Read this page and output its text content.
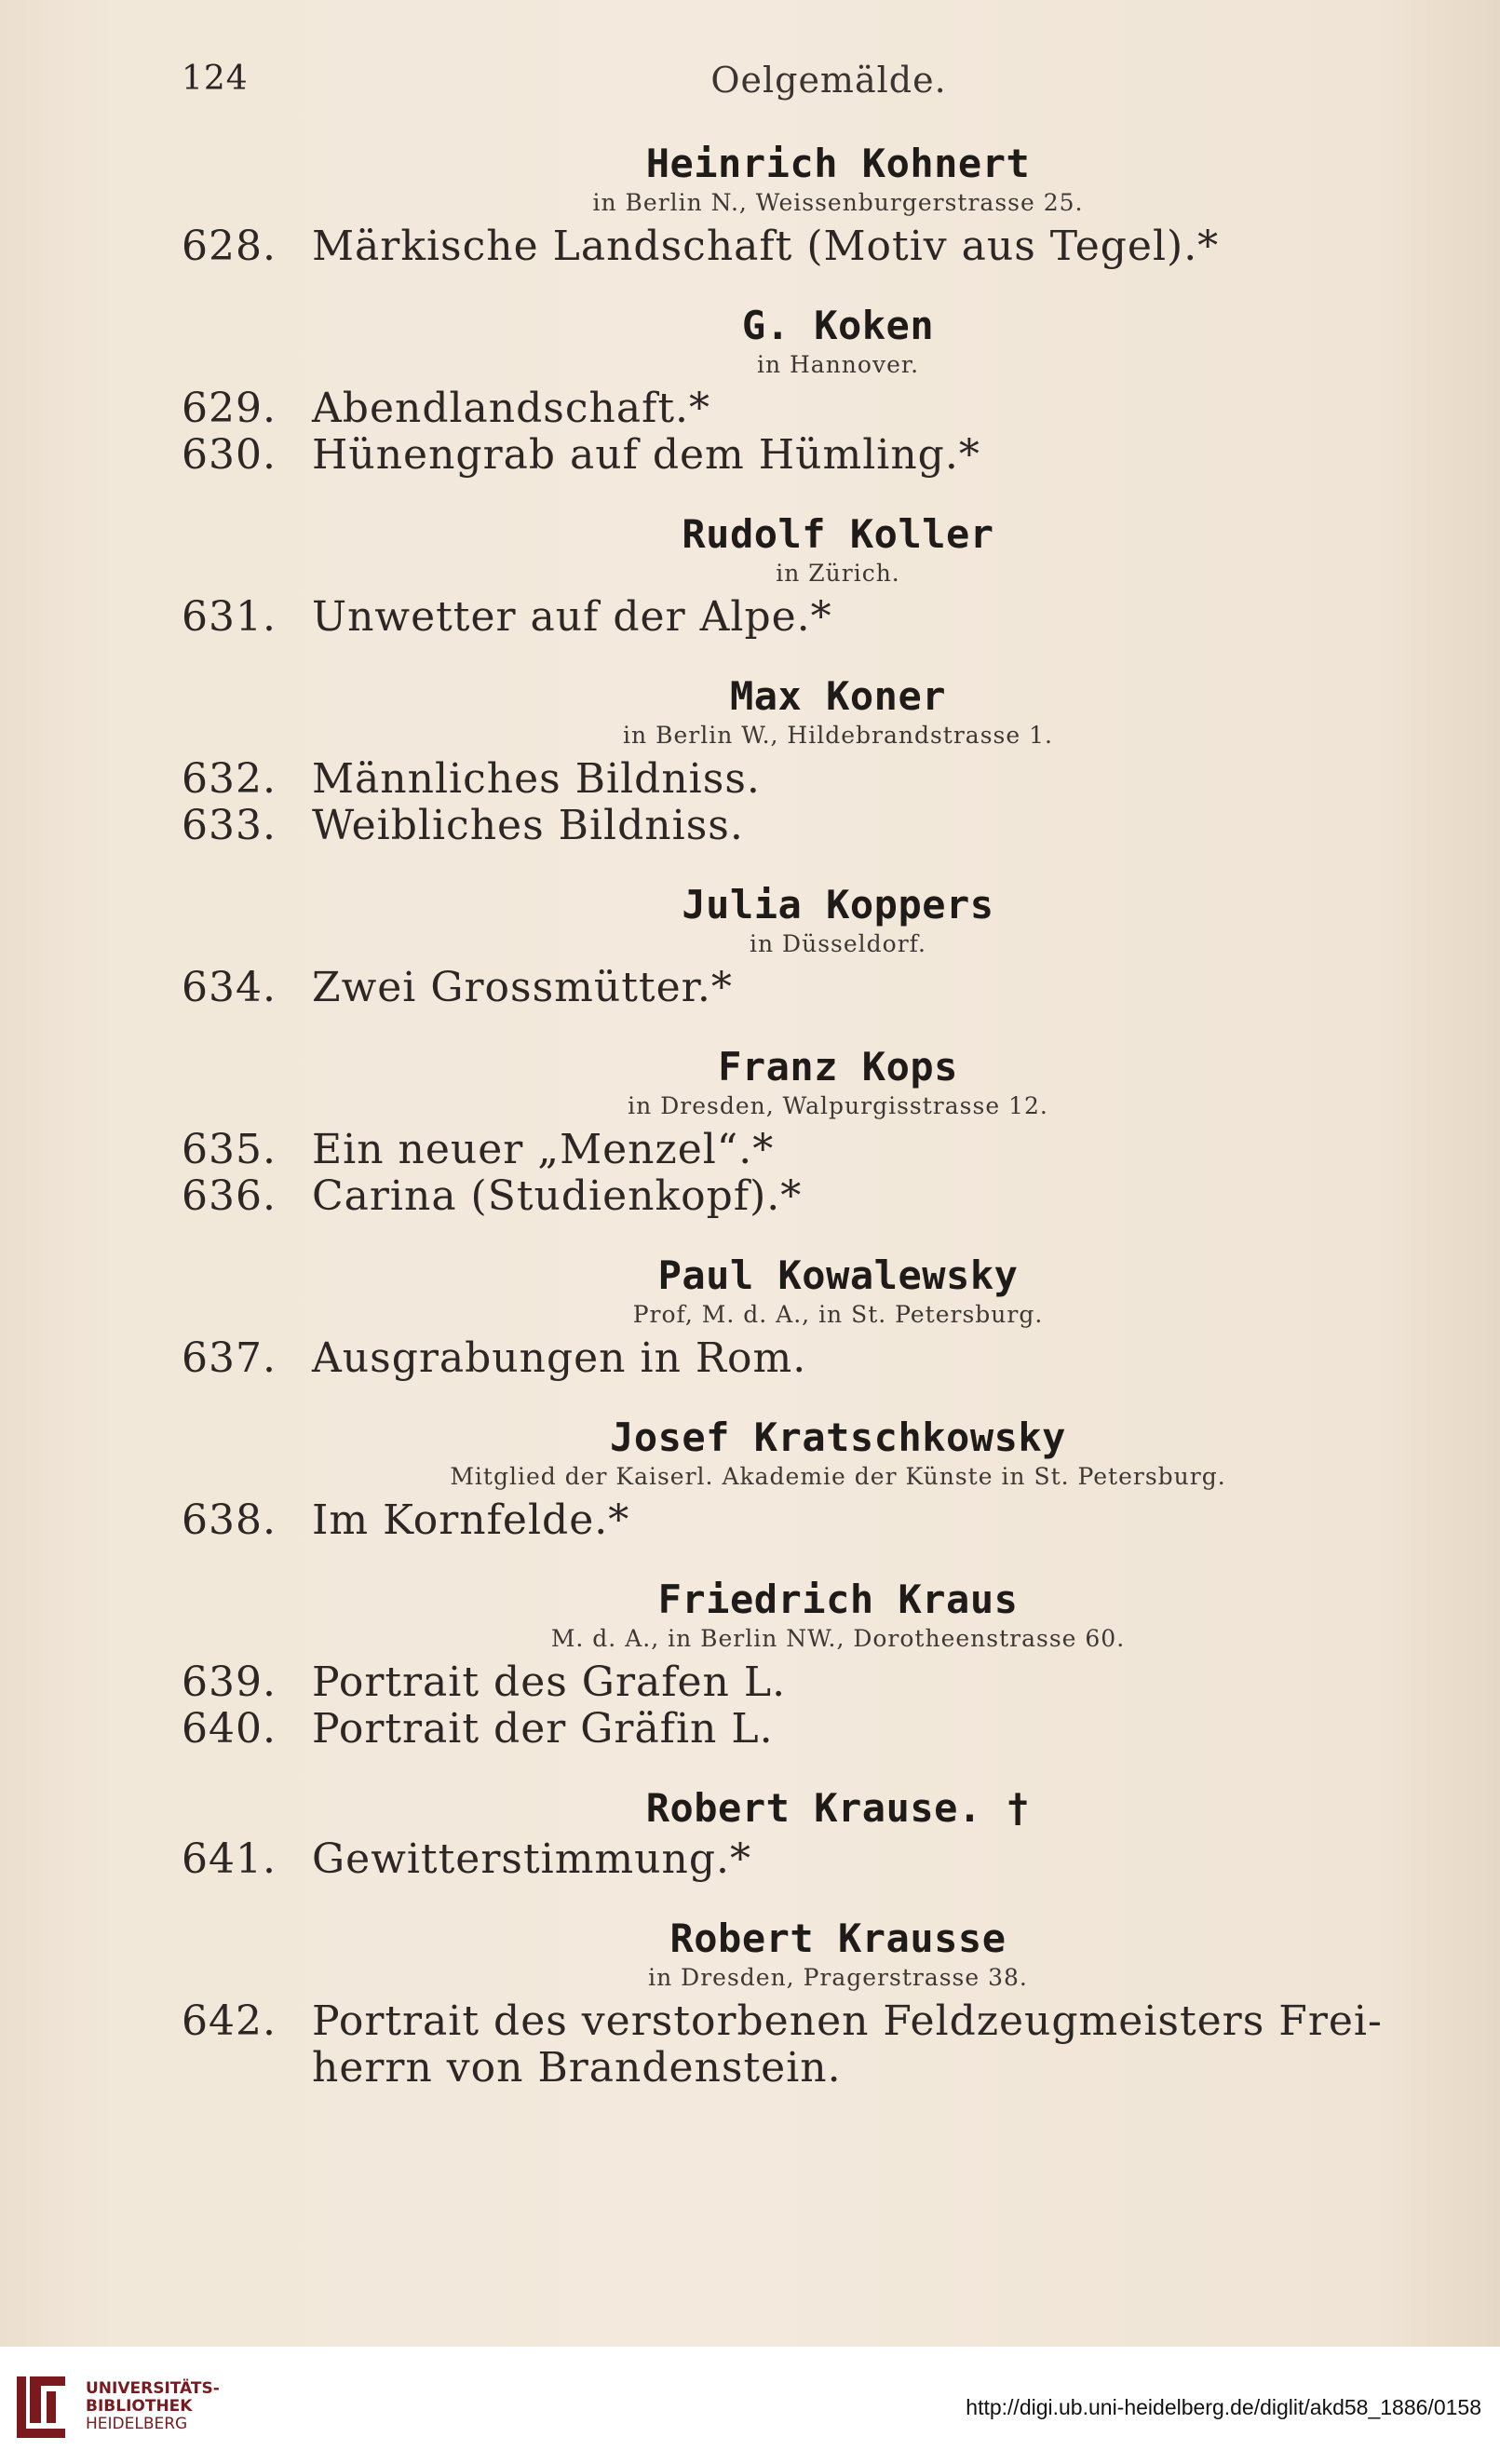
124	Oelgemälde.
Heinrich Kohnert
in Berlin N., Weissenburgerstrasse 25.
628. Märkische Landschaft (Motiv aus Tegel).*
G. Koken
in Hannover.
629. Abendlandschaft.*
630. Hünengrab auf dem Hümling.*
Rudolf Koller
in Zürich.
631. Unwetter auf der Alpe.*
Max Koner
in Berlin W., Hildebrandstrasse 1.
632. Männliches Bildniss.
633. Weibliches Bildniss.
Julia Koppers
in Düsseldorf.
634. Zwei Grossmütter.*
Franz Kops
in Dresden, Walpurgisstrasse 12.
635. Ein neuer „Menzel“.*
636. Carina (Studienkopf).*
Paul Kowalewsky
Prof, M. d. A., in St. Petersburg.
637. Ausgrabungen in Rom.
Josef Kratschkowsky
Mitglied der Kaiserl. Akademie der Künste in St. Petersburg.
638. Im Kornfelde.*
Friedrich Kraus
M. d. A., in Berlin NW., Dorotheenstrasse 60.
639. Portrait des Grafen L.
640. Portrait der Gräfin L.
Robert Krause. †
641. Gewitterstimmung.*
Robert Krausse
in Dresden, Pragerstrasse 38.
642. Portrait des verstorbenen Feldzeugmeisters Frei-
herrn von Brandenstein.
UNIVERSITÄTS-
BIBLIOTHEK
HEIDELBERG
http://digi.ub.uni-heidelberg.de/diglit/akd58_1886/0158
